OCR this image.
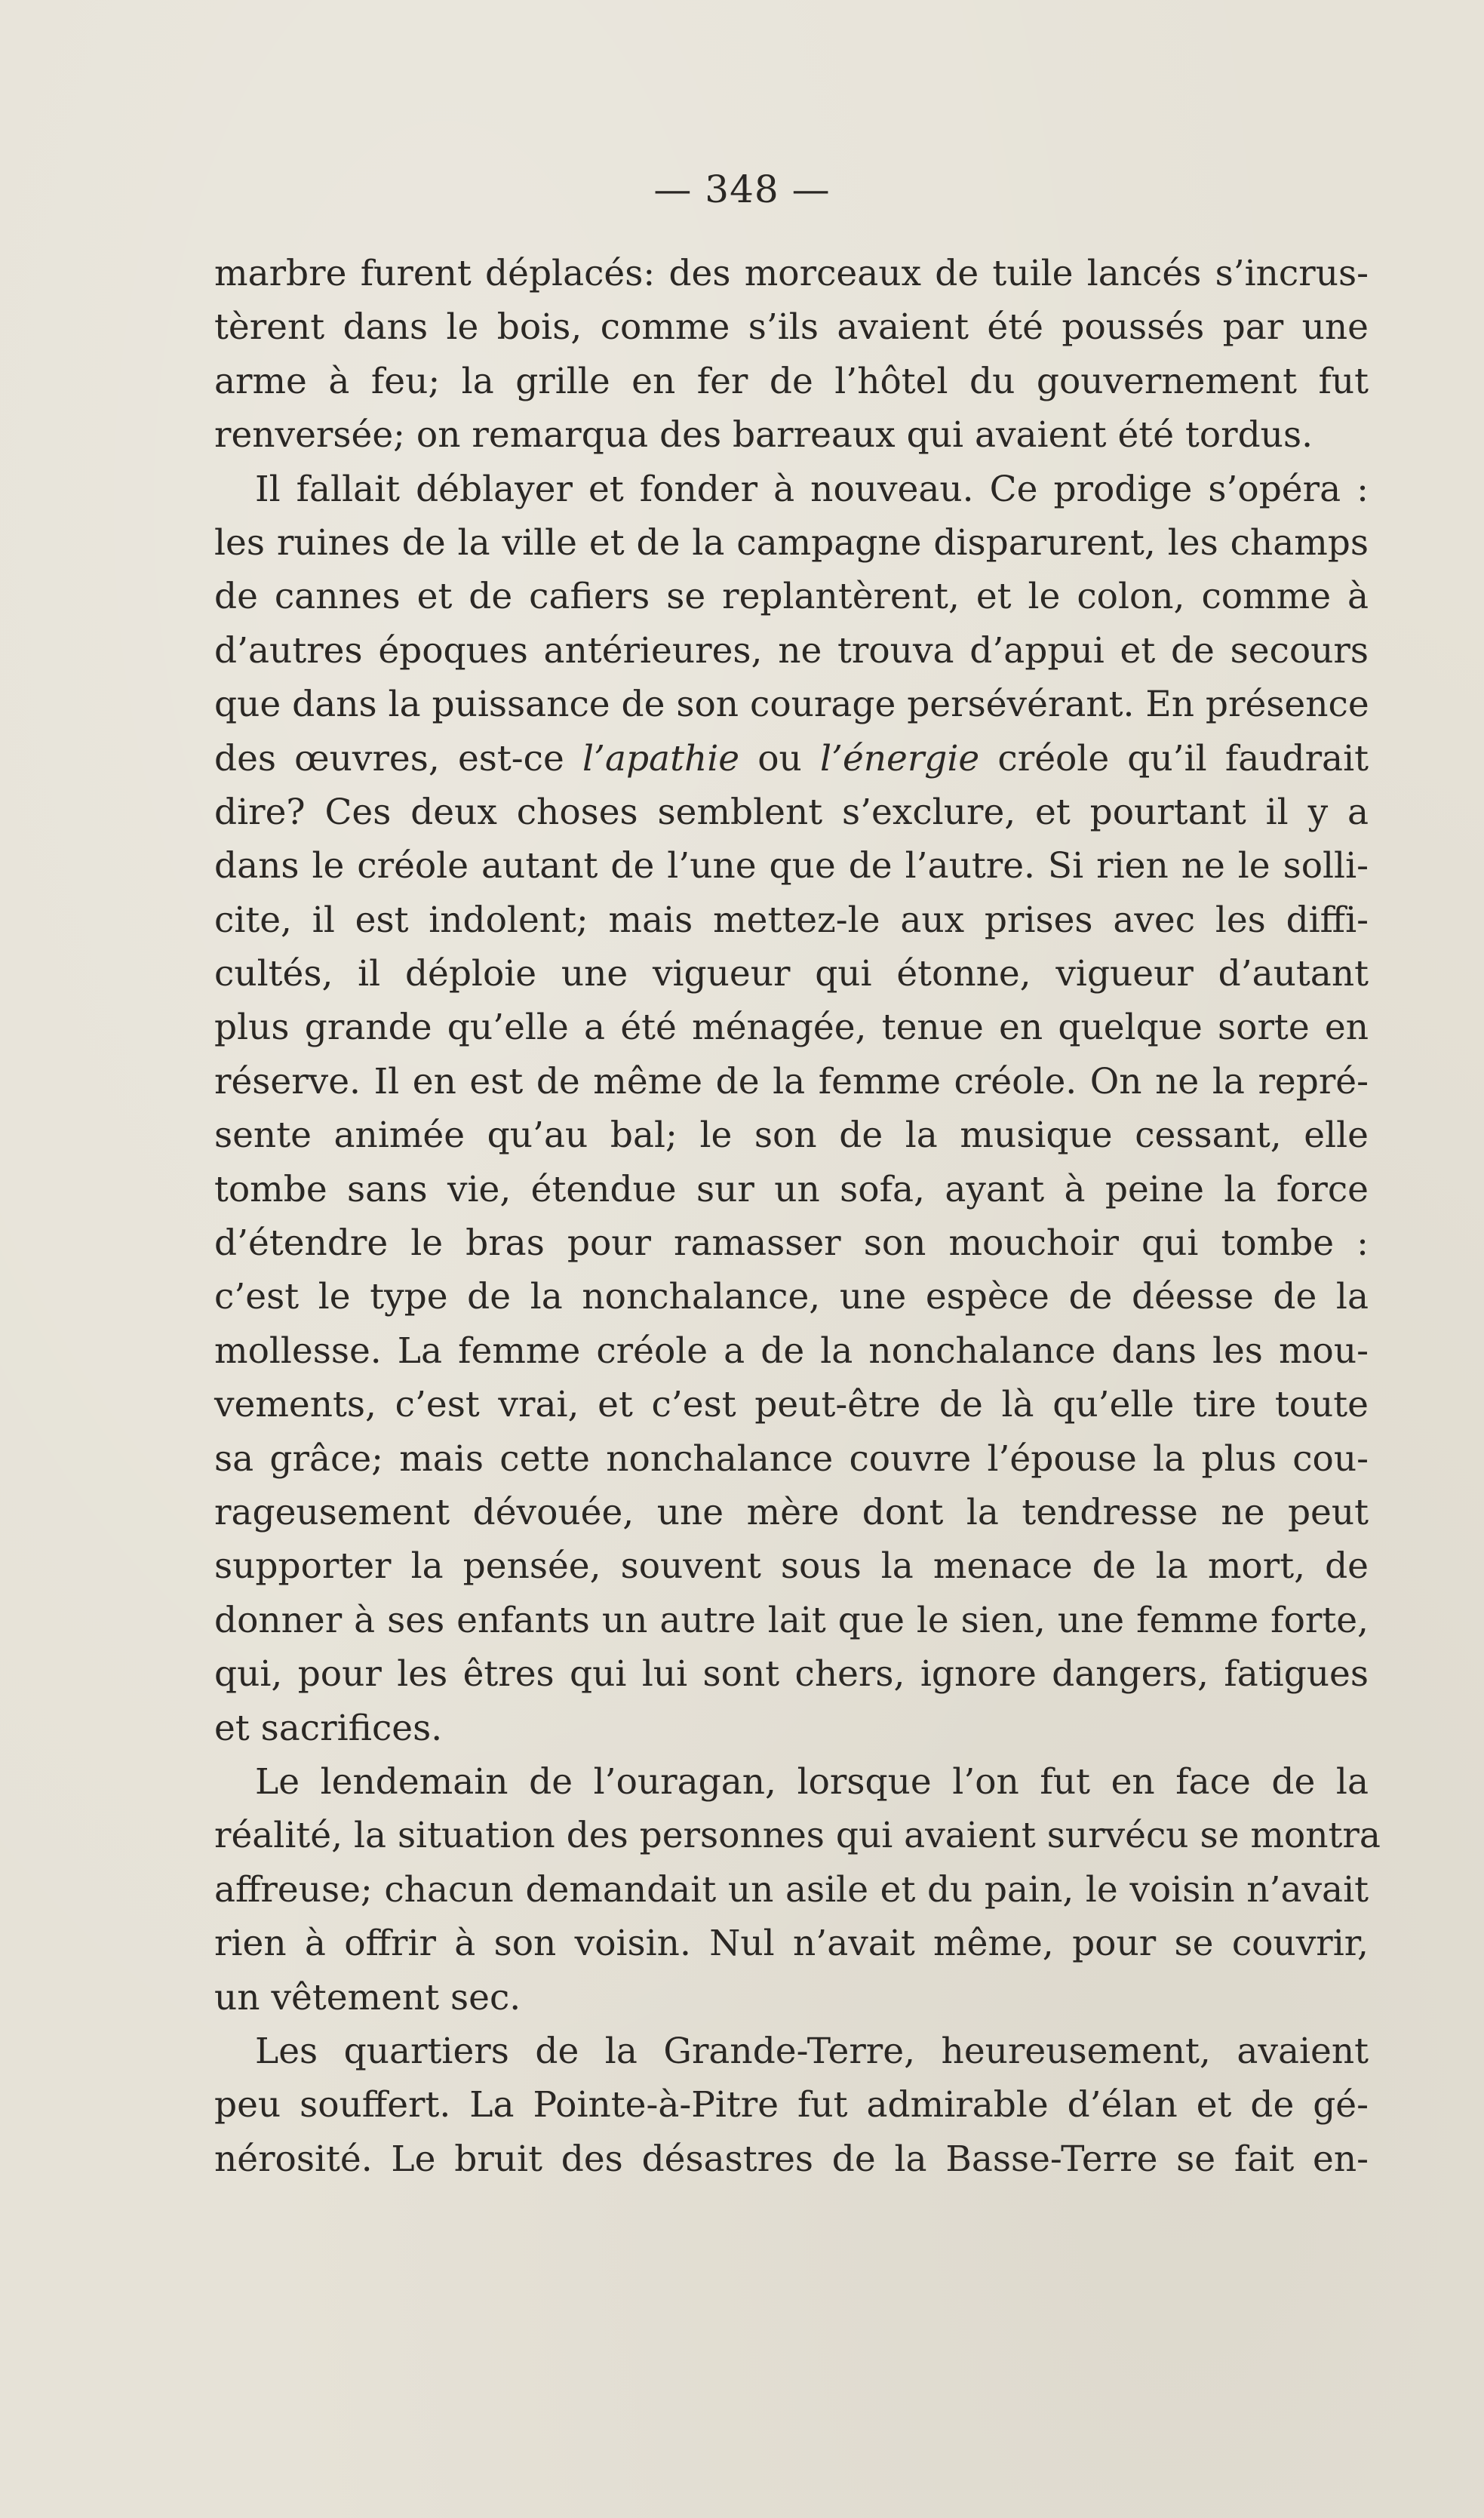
— 348 —
marbre furent déplacés: des morceaux de tuile lancés s’incrus-
tèrent dans le bois, comme s’ils avaient été poussés par une
arme à feu; la grille en fer de l’hôtel du gouvernement fut
renversée; on remarqua des barreaux qui avaient été tordus.
Il fallait déblayer et fonder à nouveau. Ce prodige s’opéra :
les ruines de la ville et de la campagne disparurent, les champs
de cannes et de cafiers se replantèrent, et le colon, comme à
d’autres époques antérieures, ne trouva d’appui et de secours
que dans la puissance de son courage persévérant. En présence
des œuvres, est-ce l’apathie ou l’énergie créole qu’il faudrait
dire? Ces deux choses semblent s’exclure, et pourtant il y a
dans le créole autant de l’une que de l’autre. Si rien ne le solli-
cite, il est indolent; mais mettez-le aux prises avec les diffi-
cultés, il déploie une vigueur qui étonne, vigueur d’autant
plus grande qu’elle a été ménagée, tenue en quelque sorte en
réserve. Il en est de même de la femme créole. On ne la repré-
sente animée qu’au bal; le son de la musique cessant, elle
tombe sans vie, étendue sur un sofa, ayant à peine la force
d’étendre le bras pour ramasser son mouchoir qui tombe :
c’est le type de la nonchalance, une espèce de déesse de la
mollesse. La femme créole a de la nonchalance dans les mou-
vements, c’est vrai, et c’est peut-être de là qu’elle tire toute
sa grâce; mais cette nonchalance couvre l’épouse la plus cou-
rageusement dévouée, une mère dont la tendresse ne peut
supporter la pensée, souvent sous la menace de la mort, de
donner à ses enfants un autre lait que le sien, une femme forte,
qui, pour les êtres qui lui sont chers, ignore dangers, fatigues
et sacrifices.
Le lendemain de l’ouragan, lorsque l’on fut en face de la
réalité, la situation des personnes qui avaient survécu se montra
affreuse; chacun demandait un asile et du pain, le voisin n’avait
rien à offrir à son voisin. Nul n’avait même, pour se couvrir,
un vêtement sec.
Les quartiers de la Grande-Terre, heureusement, avaient
peu souffert. La Pointe-à-Pitre fut admirable d’élan et de gé-
nérosité. Le bruit des désastres de la Basse-Terre se fait en-
